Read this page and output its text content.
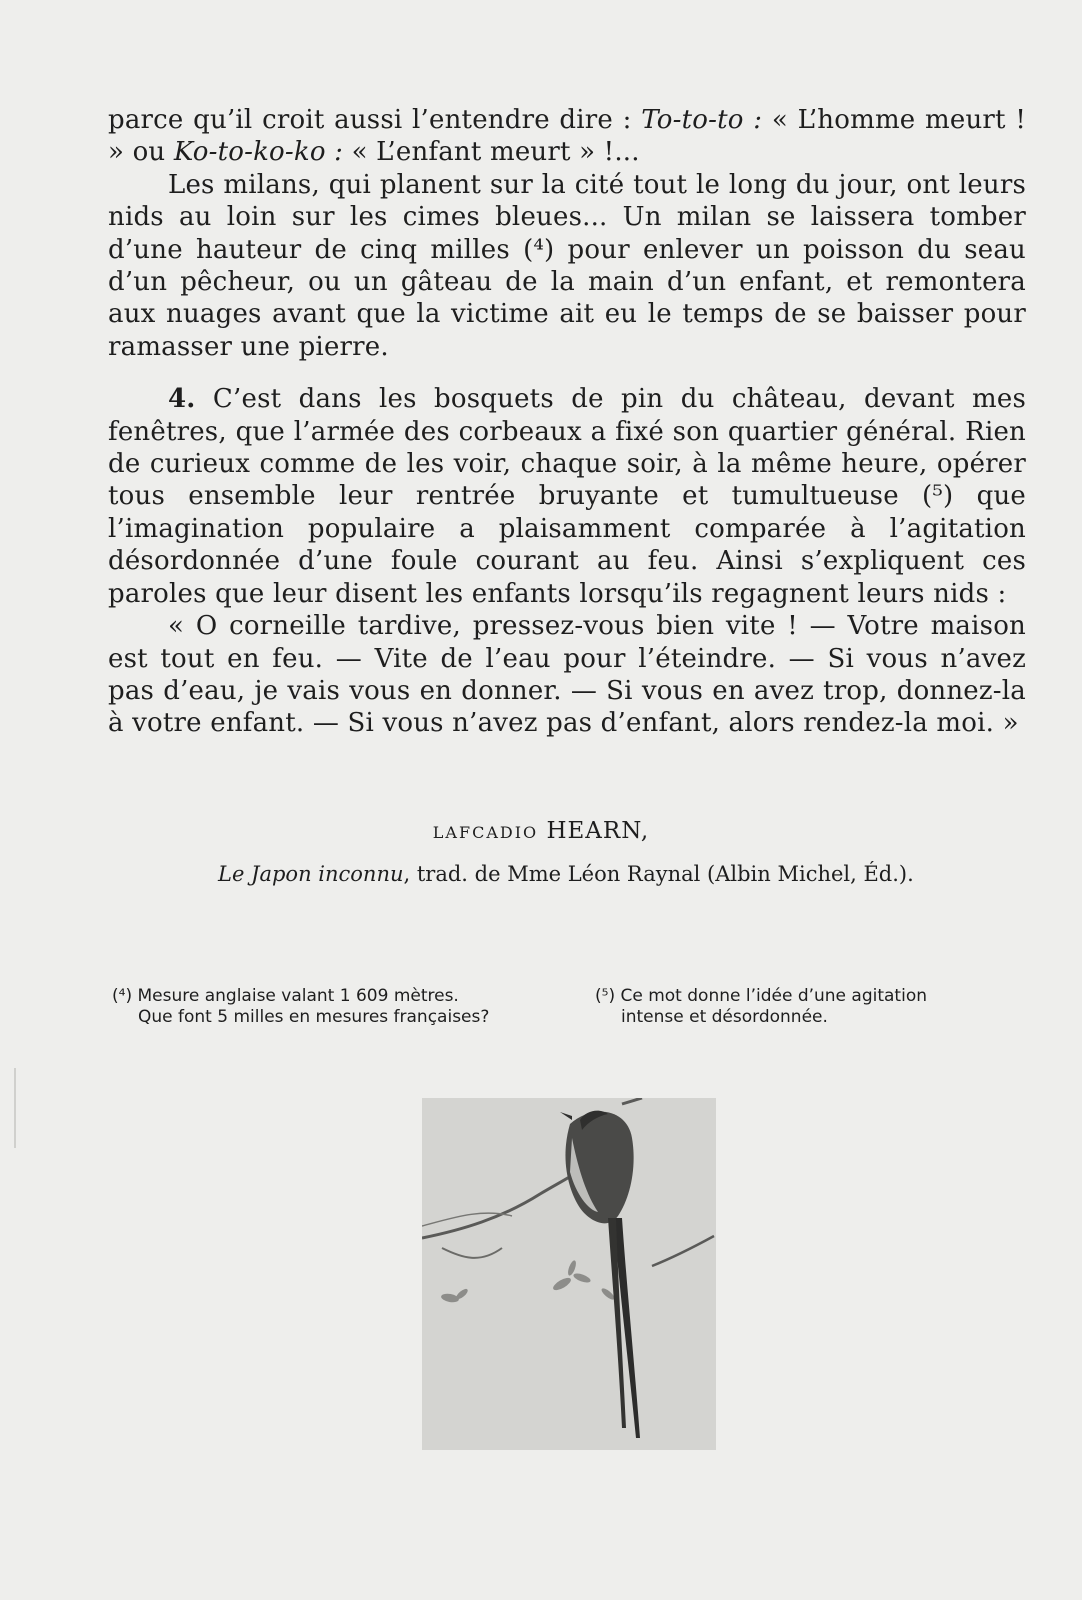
parce qu’il croit aussi l’entendre dire : To-to-to : « L’homme meurt ! » ou Ko-to-ko-ko : « L’enfant meurt » !...

Les milans, qui planent sur la cité tout le long du jour, ont leurs nids au loin sur les cimes bleues... Un milan se laissera tomber d’une hauteur de cinq milles (⁴) pour enlever un poisson du seau d’un pêcheur, ou un gâteau de la main d’un enfant, et remontera aux nuages avant que la victime ait eu le temps de se baisser pour ramasser une pierre.

4. C’est dans les bosquets de pin du château, devant mes fenêtres, que l’armée des corbeaux a fixé son quartier général. Rien de curieux comme de les voir, chaque soir, à la même heure, opérer tous ensemble leur rentrée bruyante et tumultueuse (⁵) que l’imagination populaire a plaisamment comparée à l’agitation désordonnée d’une foule courant au feu. Ainsi s’expliquent ces paroles que leur disent les enfants lorsqu’ils regagnent leurs nids :

« O corneille tardive, pressez-vous bien vite ! — Votre maison est tout en feu. — Vite de l’eau pour l’éteindre. — Si vous n’avez pas d’eau, je vais vous en donner. — Si vous en avez trop, donnez-la à votre enfant. — Si vous n’avez pas d’enfant, alors rendez-la moi. »

LAFCADIO HEARN,
Le Japon inconnu, trad. de Mme Léon Raynal (Albin Michel, Éd.).
(⁴) Mesure anglaise valant 1 609 mètres.
Que font 5 milles en mesures françaises?
(⁵) Ce mot donne l’idée d’une agitation
intense et désordonnée.
